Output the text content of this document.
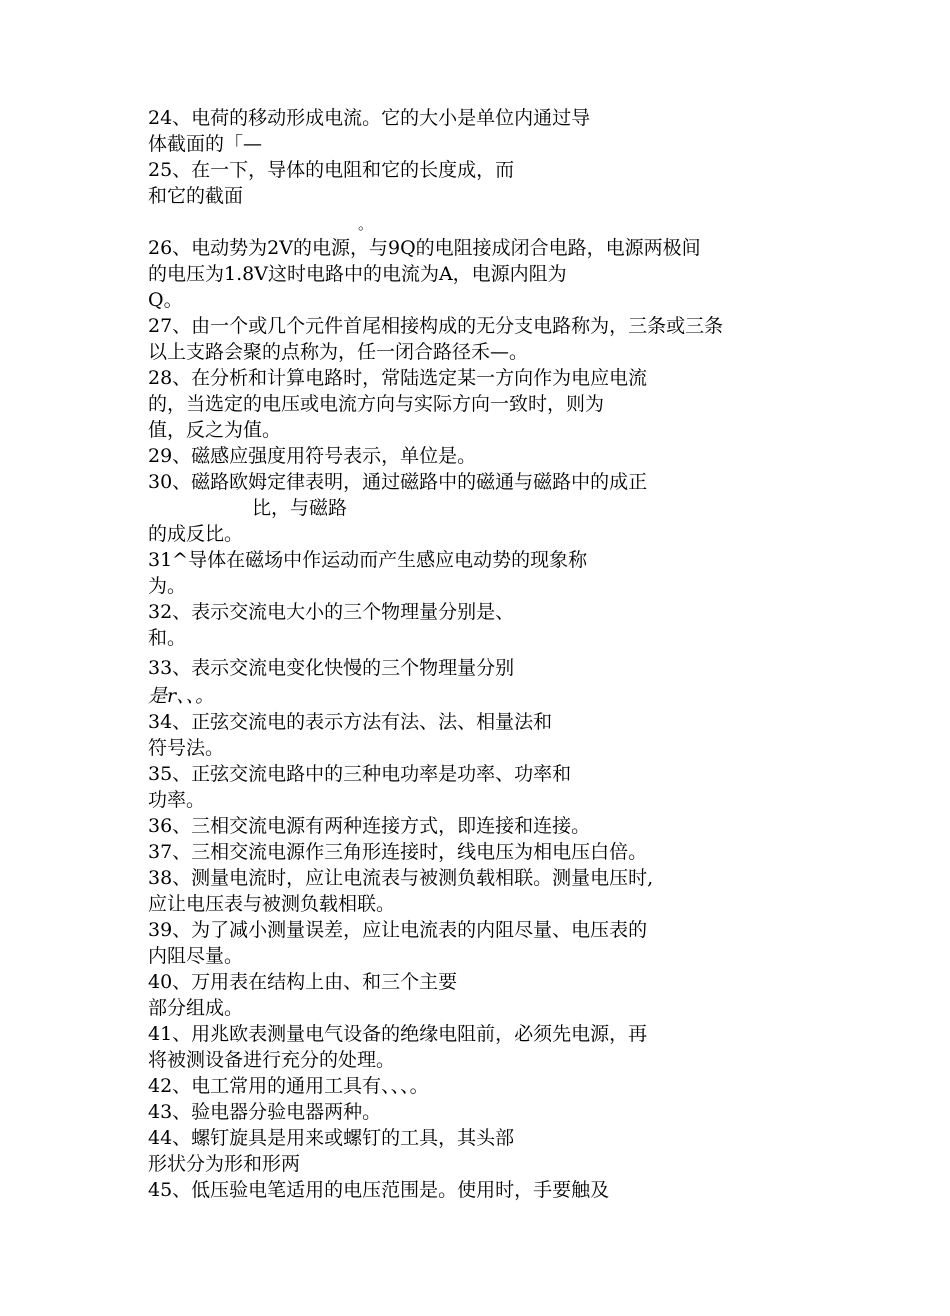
24、电荷的移动形成电流。它的大小是单位内通过导

体截面的「—

25、在一下，导体的电阻和它的长度成，而

和它的截面

。

26、电动势为2V的电源，与9Q的电阻接成闭合电路，电源两极间

的电压为1.8V这时电路中的电流为A，电源内阻为

Q。

27、由一个或几个元件首尾相接构成的无分支电路称为，三条或三条

以上支路会聚的点称为，任一闭合路径禾—。

28、在分析和计算电路时，常陆选定某一方向作为电应电流

的，当选定的电压或电流方向与实际方向一致时，则为

值，反之为值。

29、磁感应强度用符号表示，单位是。

30、磁路欧姆定律表明，通过磁路中的磁通与磁路中的成正

比，与磁路

的成反比。

31^导体在磁场中作运动而产生感应电动势的现象称

为。

32、表示交流电大小的三个物理量分别是、

和。

33、表示交流电变化快慢的三个物理量分别

是r、、。

34、正弦交流电的表示方法有法、法、相量法和

符号法。

35、正弦交流电路中的三种电功率是功率、功率和

功率。

36、三相交流电源有两种连接方式，即连接和连接。

37、三相交流电源作三角形连接时，线电压为相电压白倍。

38、测量电流时，应让电流表与被测负载相联。测量电压时,

应让电压表与被测负载相联。

39、为了减小测量误差，应让电流表的内阻尽量、电压表的

内阻尽量。

40、万用表在结构上由、和三个主要

部分组成。

41、用兆欧表测量电气设备的绝缘电阻前，必须先电源，再

将被测设备进行充分的处理。

42、电工常用的通用工具有、、、。

43、验电器分验电器两种。

44、螺钉旋具是用来或螺钉的工具，其头部

形状分为形和形两

45、低压验电笔适用的电压范围是。使用时，手要触及
